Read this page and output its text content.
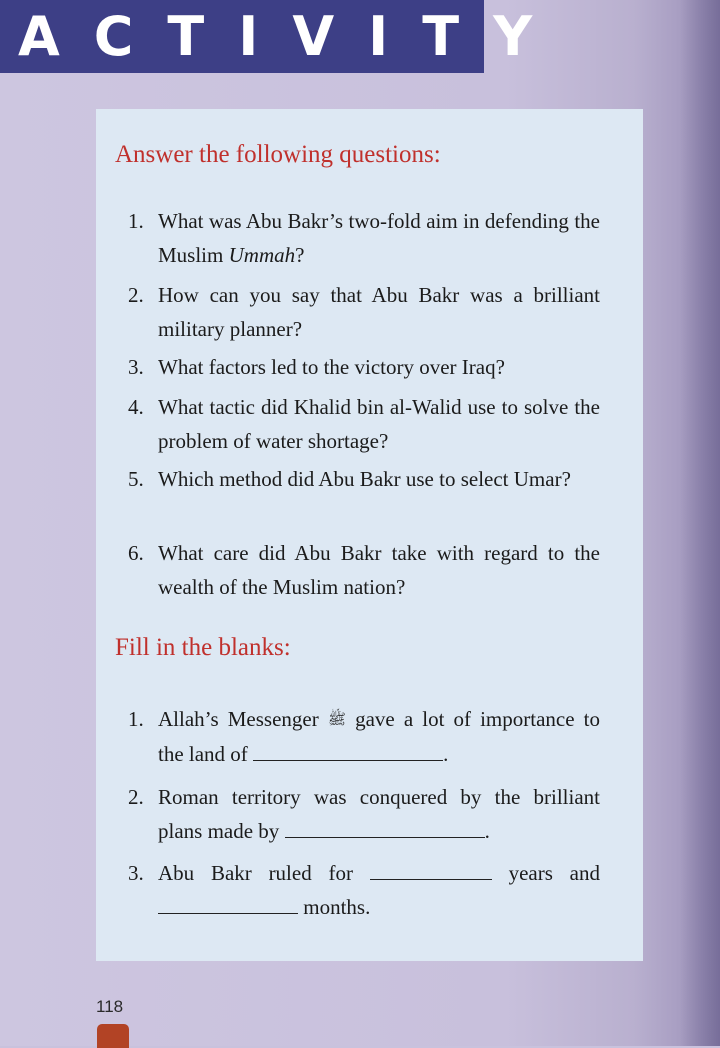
ACTIVITY
Answer the following questions:
1. What was Abu Bakr’s two-fold aim in defending the Muslim Ummah?
2. How can you say that Abu Bakr was a brilliant military planner?
3. What factors led to the victory over Iraq?
4. What tactic did Khalid bin al-Walid use to solve the problem of water shortage?
5. Which method did Abu Bakr use to select Umar?
6. What care did Abu Bakr take with regard to the wealth of the Muslim nation?
Fill in the blanks:
1. Allah’s Messenger ﷺ gave a lot of importance to the land of	.
2. Roman territory was conquered by the brilliant plans made by	.
3. Abu Bakr ruled for	years and  months.
118
